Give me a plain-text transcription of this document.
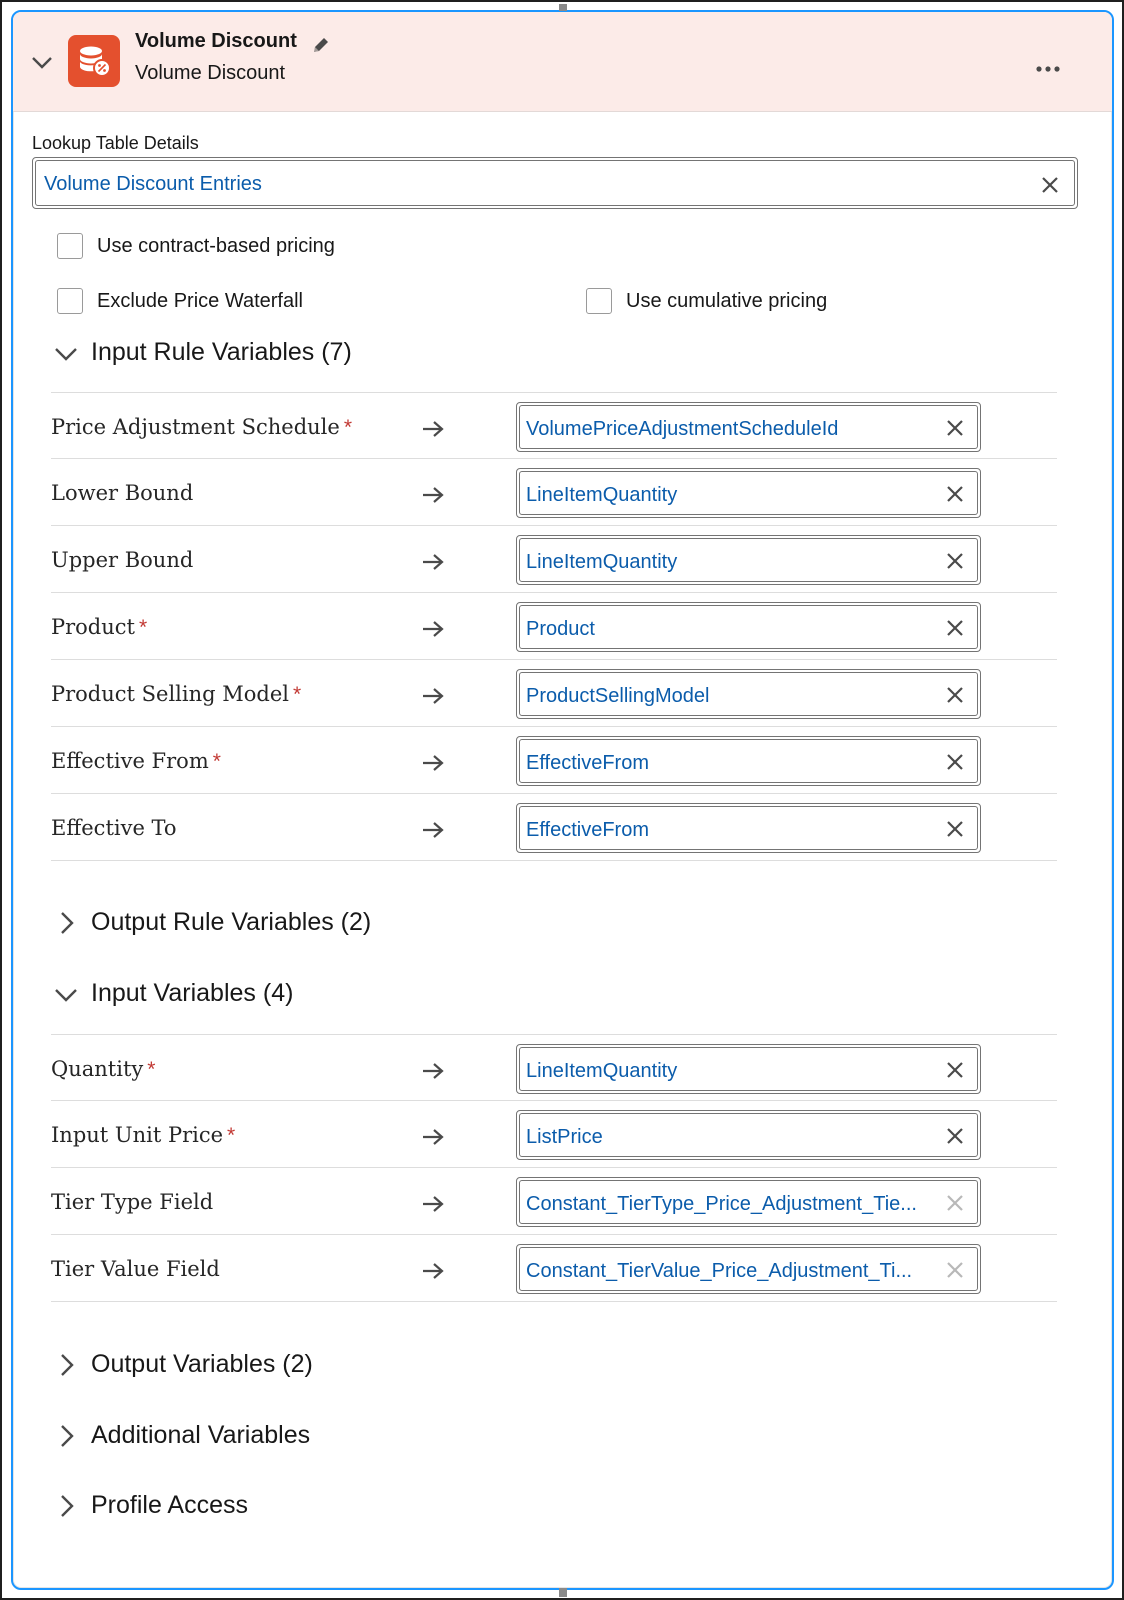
Volume Discount
Volume Discount
Lookup Table Details
Volume Discount Entries
Use contract-based pricing
Exclude Price Waterfall	Use cumulative pricing
Input Rule Variables (7)
Price Adjustment Schedule *	VolumePriceAdjustmentScheduleId
Lower Bound	LineItemQuantity
Upper Bound	LineItemQuantity
Product *	Product
Product Selling Model *	ProductSellingModel
Effective From *	EffectiveFrom
Effective To	EffectiveFrom
Output Rule Variables (2)
Input Variables (4)
Quantity *	LineItemQuantity
Input Unit Price *	ListPrice
Tier Type Field	Constant_TierType_Price_Adjustment_Tie...
Tier Value Field	Constant_TierValue_Price_Adjustment_Ti...
Output Variables (2)
Additional Variables
Profile Access
